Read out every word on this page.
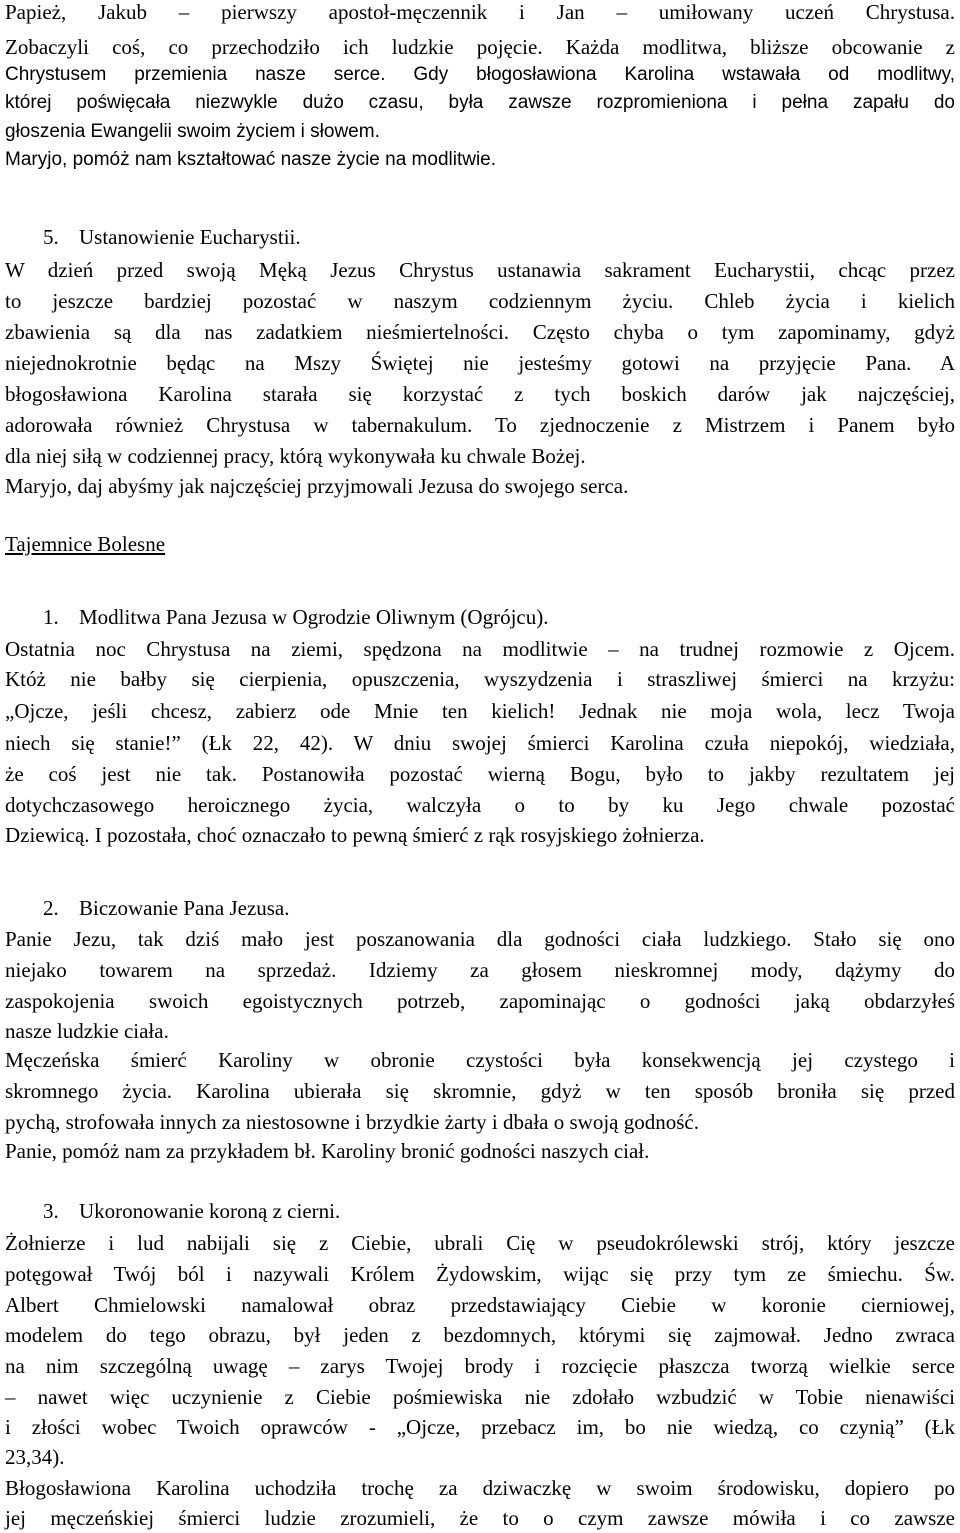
Papież, Jakub – pierwszy apostoł-męczennik i Jan – umiłowany uczeń Chrystusa.
Zobaczyli coś, co przechodziło ich ludzkie pojęcie. Każda modlitwa, bliższe obcowanie z
Chrystusem przemienia nasze serce. Gdy błogosławiona Karolina wstawała od modlitwy,
której poświęcała niezwykle dużo czasu, była zawsze rozpromieniona i pełna zapału do
głoszenia Ewangelii swoim życiem i słowem.
Maryjo, pomóż nam kształtować nasze życie na modlitwie.
5. Ustanowienie Eucharystii.
W dzień przed swoją Męką Jezus Chrystus ustanawia sakrament Eucharystii, chcąc przez
to jeszcze bardziej pozostać w naszym codziennym życiu. Chleb życia i kielich
zbawienia są dla nas zadatkiem nieśmiertelności. Często chyba o tym zapominamy, gdyż
niejednokrotnie będąc na Mszy Świętej nie jesteśmy gotowi na przyjęcie Pana. A
błogosławiona Karolina starała się korzystać z tych boskich darów jak najczęściej,
adorowała również Chrystusa w tabernakulum. To zjednoczenie z Mistrzem i Panem było
dla niej siłą w codziennej pracy, którą wykonywała ku chwale Bożej.
Maryjo, daj abyśmy jak najczęściej przyjmowali Jezusa do swojego serca.
Tajemnice Bolesne
1. Modlitwa Pana Jezusa w Ogrodzie Oliwnym (Ogrójcu).
Ostatnia noc Chrystusa na ziemi, spędzona na modlitwie – na trudnej rozmowie z Ojcem.
Któż nie bałby się cierpienia, opuszczenia, wyszydzenia i straszliwej śmierci na krzyżu:
„Ojcze, jeśli chcesz, zabierz ode Mnie ten kielich! Jednak nie moja wola, lecz Twoja
niech się stanie!” (Łk 22, 42). W dniu swojej śmierci Karolina czuła niepokój, wiedziała,
że coś jest nie tak. Postanowiła pozostać wierną Bogu, było to jakby rezultatem jej
dotychczasowego heroicznego życia, walczyła o to by ku Jego chwale pozostać
Dziewicą. I pozostała, choć oznaczało to pewną śmierć z rąk rosyjskiego żołnierza.
2. Biczowanie Pana Jezusa.
Panie Jezu, tak dziś mało jest poszanowania dla godności ciała ludzkiego. Stało się ono
niejako towarem na sprzedaż. Idziemy za głosem nieskromnej mody, dążymy do
zaspokojenia swoich egoistycznych potrzeb, zapominając o godności jaką obdarzyłeś
nasze ludzkie ciała.
Męczeńska śmierć Karoliny w obronie czystości była konsekwencją jej czystego i
skromnego życia. Karolina ubierała się skromnie, gdyż w ten sposób broniła się przed
pychą, strofowała innych za niestosowne i brzydkie żarty i dbała o swoją godność.
Panie, pomóż nam za przykładem bł. Karoliny bronić godności naszych ciał.
3. Ukoronowanie koroną z cierni.
Żołnierze i lud nabijali się z Ciebie, ubrali Cię w pseudokrólewski strój, który jeszcze
potęgował Twój ból i nazywali Królem Żydowskim, wijąc się przy tym ze śmiechu. Św.
Albert Chmielowski namalował obraz przedstawiający Ciebie w koronie cierniowej,
modelem do tego obrazu, był jeden z bezdomnych, którymi się zajmował. Jedno zwraca
na nim szczególną uwagę – zarys Twojej brody i rozcięcie płaszcza tworzą wielkie serce
– nawet więc uczynienie z Ciebie pośmiewiska nie zdołało wzbudzić w Tobie nienawiści
i złości wobec Twoich oprawców - „Ojcze, przebacz im, bo nie wiedzą, co czynią” (Łk
23,34).
Błogosławiona Karolina uchodziła trochę za dziwaczkę w swoim środowisku, dopiero po
jej męczeńskiej śmierci ludzie zrozumieli, że to o czym zawsze mówiła i co zawsze
